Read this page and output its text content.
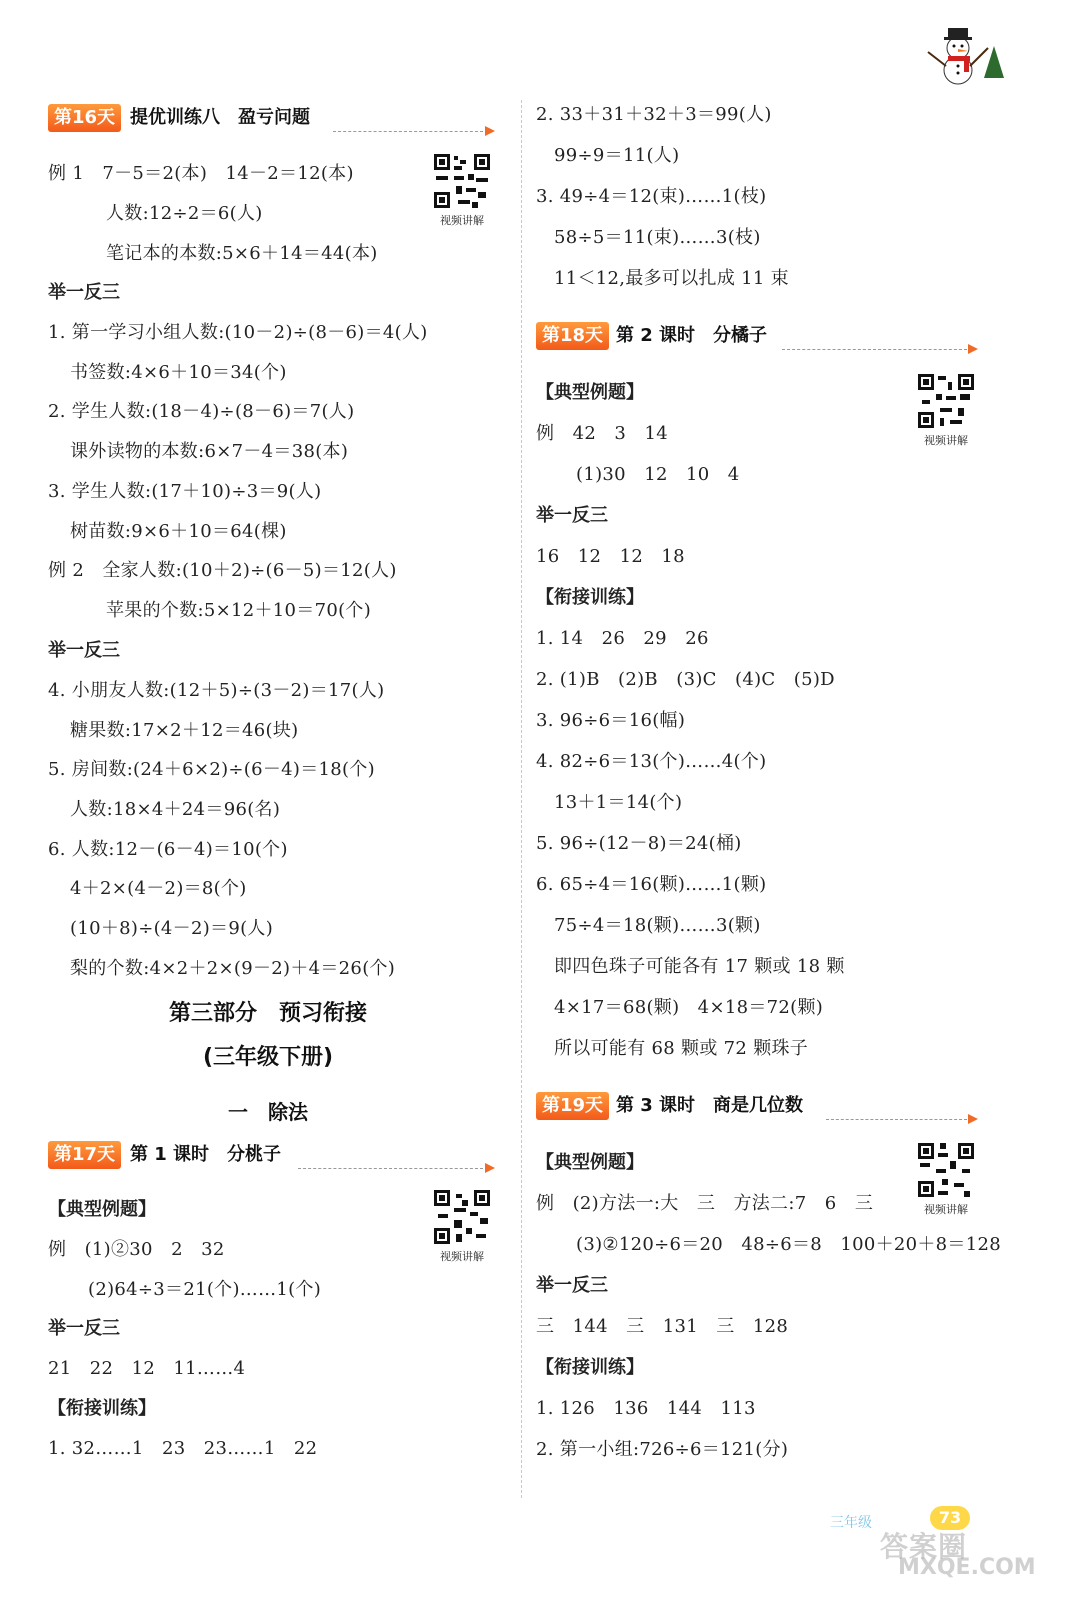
第16天 提优训练八　盈亏问题
视频讲解
例 1　7－5＝2(本)　14－2＝12(本)
人数:12÷2＝6(人)
笔记本的本数:5×6＋14＝44(本)
举一反三
1. 第一学习小组人数:(10－2)÷(8－6)＝4(人)
书签数:4×6＋10＝34(个)
2. 学生人数:(18－4)÷(8－6)＝7(人)
课外读物的本数:6×7－4＝38(本)
3. 学生人数:(17＋10)÷3＝9(人)
树苗数:9×6＋10＝64(棵)
例 2　全家人数:(10＋2)÷(6－5)＝12(人)
苹果的个数:5×12＋10＝70(个)
举一反三
4. 小朋友人数:(12＋5)÷(3－2)＝17(人)
糖果数:17×2＋12＝46(块)
5. 房间数:(24＋6×2)÷(6－4)＝18(个)
人数:18×4＋24＝96(名)
6. 人数:12－(6－4)＝10(个)
4＋2×(4－2)＝8(个)
(10＋8)÷(4－2)＝9(人)
梨的个数:4×2＋2×(9－2)＋4＝26(个)
第三部分　预习衔接
(三年级下册)
一　除法
第17天 第 1 课时　分桃子
视频讲解
【典型例题】
例　(1)②30　2　32
(2)64÷3＝21(个)……1(个)
举一反三
21　22　12　11……4
【衔接训练】
1. 32……1　23　23……1　22
2. 33＋31＋32＋3＝99(人)
99÷9＝11(人)
3. 49÷4＝12(束)……1(枝)
58÷5＝11(束)……3(枝)
11＜12,最多可以扎成 11 束
第18天 第 2 课时　分橘子
视频讲解
【典型例题】
例　42　3　14
(1)30　12　10　4
举一反三
16　12　12　18
【衔接训练】
1. 14　26　29　26
2. (1)B　(2)B　(3)C　(4)C　(5)D
3. 96÷6＝16(幅)
4. 82÷6＝13(个)……4(个)
13＋1＝14(个)
5. 96÷(12－8)＝24(桶)
6. 65÷4＝16(颗)……1(颗)
75÷4＝18(颗)……3(颗)
即四色珠子可能各有 17 颗或 18 颗
4×17＝68(颗)　4×18＝72(颗)
所以可能有 68 颗或 72 颗珠子
第19天 第 3 课时　商是几位数
视频讲解
【典型例题】
例　(2)方法一:大　三　方法二:7　6　三
(3)②120÷6＝20　48÷6＝8　100＋20＋8＝128
举一反三
三　144　三　131　三　128
【衔接训练】
1. 126　136　144　113
2. 第一小组:726÷6＝121(分)
三年级	73
答案圈
MXQE.COM
